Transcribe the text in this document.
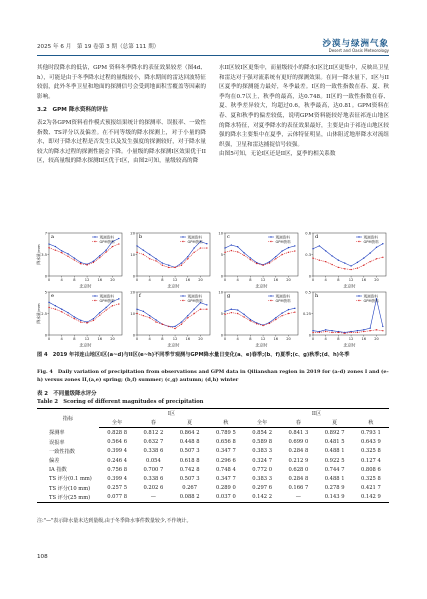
2025 年 6 月　第 19 卷第 3 期（总第 111 期）	沙漠与绿洲气象
Desert and Oasis Meteorology

其他时段降水的低估，GPM 资料冬季降水的表征效果较差（图4d、h），可能是由于冬季降水过程的量级较小，降水期间的雷达回波特征较弱，此外冬季卫星和地面的探测信号会受到地面积雪覆盖等因素的影响。

3.2　GPM 降水资料的评估

表2为各GPM资料看作模式预报结果统计的探测率、误报率、一致性指数、TS评分以及偏差。在不同等级的降水探测上，对于小量的降水，即对于降水过程是否发生以及发生强度的探测较好，对于降水量较大的降水过程的探测性能会下降。小量级的降水探测I区效果优于II区，较高量级的降水探测II区优于I区，由图2可知，量级较高的降

水II区较I区更集中，而量级较小的降水I区比II区更集中，反映出卫星和雷达对于强对流系统有更好的探测效果。在同一降水量下，I区与II区夏季的探测能力最好，冬季最差。I区的一致性指数在春、夏、秋季均在0.7以上，秋季的最高，达0.748。II区的一致性指数在春、夏、秋季差异较大，均超过0.6，秋季最高，达0.81。GPM资料在春、夏和秋季的偏差较低，说明GPM资料能较好地表征祁连山地区的降水特征，对夏季降水的表征效果最好，主要是由于祁连山地区较强的降水主要集中在夏季，云体特征明显，山体阻近地形降水对流组织强，卫星和雷达捕捉信号较强。

由图5可知，无论I区还是II区，夏季的相关系数

0
3.5
7
0	4	8	12 16 20
北京时
降水量/mm
a	观测资料
GPM资料
0
10
20
0	4	8	12 16 20
北京时
b	观测资料
GPM资料
0
5
10
0	4	8	12 16 20
北京时
c	观测资料
GPM资料
0
0.3
0.6
0	4	8	12 16 20
北京时
d	观测资料
GPM资料
0
2.5
5
0	4	8	12 16 20
北京时
降水量/mm
e	观测资料
GPM资料
0
10
20
0	4	8	12 16 20
北京时
f	观测资料
GPM资料
0
5
10
0	4	8	12 16 20
北京时
g	观测资料
GPM资料
0
0.25
0.5
0	4	8	12 16 20
北京时
h	观测资料
GPM资料
图 4　2019 年祁连山地区I区(a~d)与II区(e~h)不同季节观测与GPM降水量日变化(a、e)春季;(b、f)夏季;(c、g)秋季;(d、h)冬季
Fig. 4　Daily variation of precipitation from observations and GPM data in Qilianshan region in 2019 for (a-d) zones I and (e-h) versus zones II,(a,e) spring; (b,f) summer; (c,g) autumn; (d,h) winter
表 2　不同量级降水评分
Table 2　Scoring of different magnitudes of precipitation
指标	I区				II区			
	全年	春	夏	秋	全年	春	夏	秋
探测率	0.828 8	0.812 2	0.864 2	0.789 5	0.854 2	0.841 3	0.892 7	0.793 1
误报率	0.564 6	0.632 7	0.448 8	0.656 8	0.589 8	0.699 0	0.481 5	0.643 9
一致性指数	0.399 4	0.338 6	0.507 3	0.347 7	0.383 3	0.284 8	0.488 1	0.325 8
偏差	0.246 4	0.054	0.618 8	0.296 6	0.324 7	0.212 9	0.922 5	0.127 4
IA 指数	0.756 8	0.700 7	0.742 8	0.748 4	0.772 0	0.628 0	0.744 7	0.808 6
TS 评分(0.1 mm)	0.399 4	0.338 6	0.507 3	0.347 7	0.383 3	0.284 8	0.488 1	0.325 8
TS 评分(10 mm)	0.257 5	0.202 6	0.267	0.289 0	0.297 6	0.166 7	0.278 9	0.421 7
TS 评分(25 mm)	0.077 8	—	0.088 2	0.037 0	0.142 2	—	0.143 9	0.142 9
注:"—"表示降水量未达到量级,由于冬季降水事件数量较少,不作统计。
108
